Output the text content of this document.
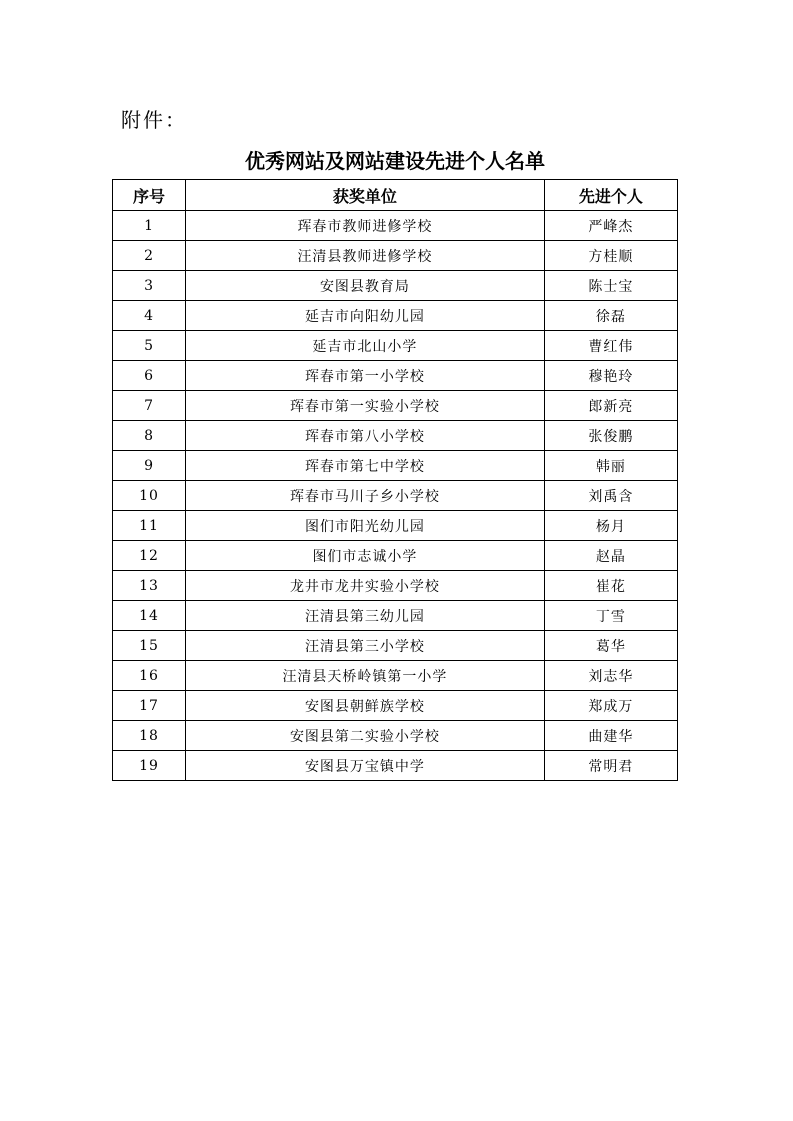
附件：
优秀网站及网站建设先进个人名单
序号	获奖单位	先进个人
1	珲春市教师进修学校	严峰杰
2	汪清县教师进修学校	方桂顺
3	安图县教育局	陈士宝
4	延吉市向阳幼儿园	徐磊
5	延吉市北山小学	曹红伟
6	珲春市第一小学校	穆艳玲
7	珲春市第一实验小学校	郎新亮
8	珲春市第八小学校	张俊鹏
9	珲春市第七中学校	韩丽
10	珲春市马川子乡小学校	刘禹含
11	图们市阳光幼儿园	杨月
12	图们市志诚小学	赵晶
13	龙井市龙井实验小学校	崔花
14	汪清县第三幼儿园	丁雪
15	汪清县第三小学校	葛华
16	汪清县天桥岭镇第一小学	刘志华
17	安图县朝鲜族学校	郑成万
18	安图县第二实验小学校	曲建华
19	安图县万宝镇中学	常明君
